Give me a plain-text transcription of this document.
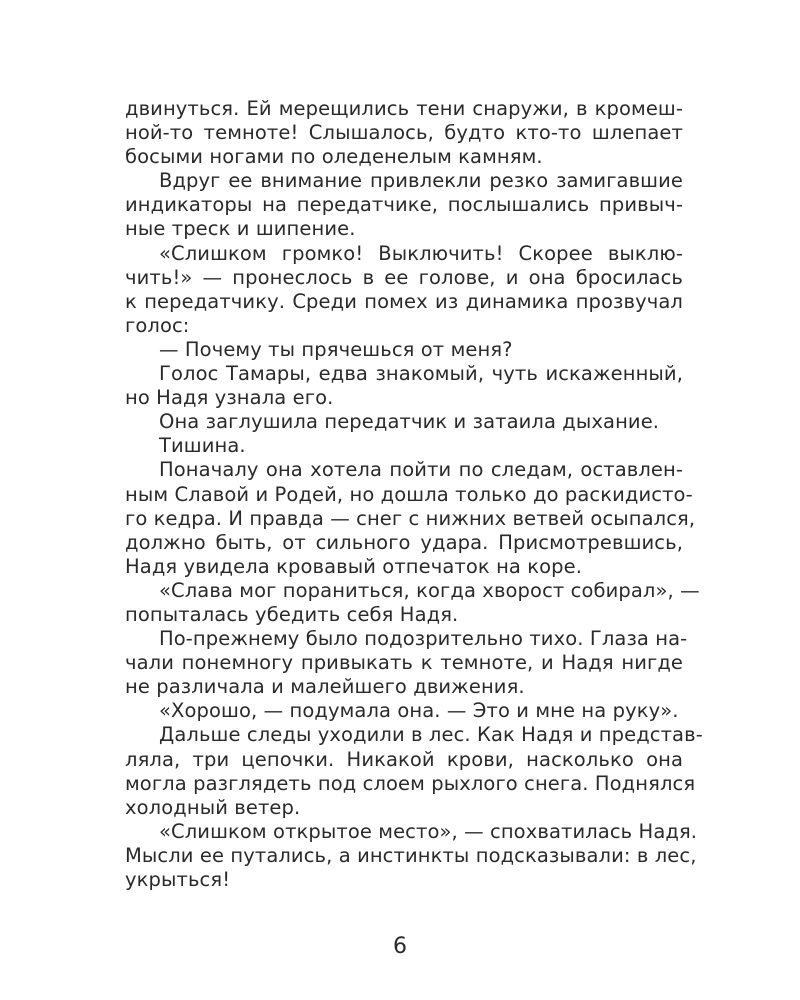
двинуться. Ей мерещились тени снаружи, в кромеш-
ной-то темноте! Слышалось, будто кто-то шлепает
босыми ногами по оледенелым камням.
Вдруг ее внимание привлекли резко замигавшие
индикаторы на передатчике, послышались привыч-
ные треск и шипение.
«Слишком громко! Выключить! Скорее выклю-
чить!» — пронеслось в ее голове, и она бросилась
к передатчику. Среди помех из динамика прозвучал
голос:
— Почему ты прячешься от меня?
Голос Тамары, едва знакомый, чуть искаженный,
но Надя узнала его.
Она заглушила передатчик и затаила дыхание.
Тишина.
Поначалу она хотела пойти по следам, оставлен-
ным Славой и Родей, но дошла только до раскидисто-
го кедра. И правда — снег с нижних ветвей осыпался,
должно быть, от сильного удара. Присмотревшись,
Надя увидела кровавый отпечаток на коре.
«Слава мог пораниться, когда хворост собирал», —
попыталась убедить себя Надя.
По-прежнему было подозрительно тихо. Глаза на-
чали понемногу привыкать к темноте, и Надя нигде
не различала и малейшего движения.
«Хорошо, — подумала она. — Это и мне на руку».
Дальше следы уходили в лес. Как Надя и представ-
ляла, три цепочки. Никакой крови, насколько она
могла разглядеть под слоем рыхлого снега. Поднялся
холодный ветер.
«Слишком открытое место», — спохватилась Надя.
Мысли ее путались, а инстинкты подсказывали: в лес,
укрыться!
6
